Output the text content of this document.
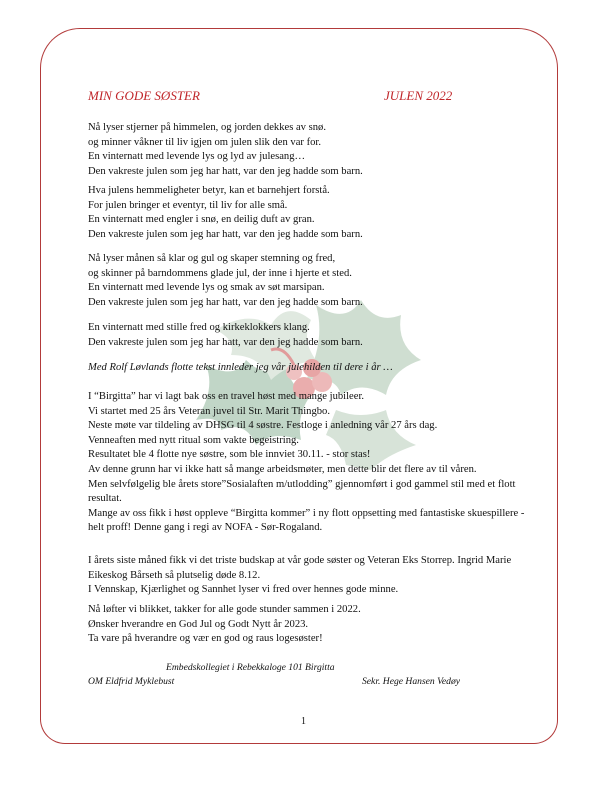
MIN GODE SØSTER	JULEN 2022

Nå lyser stjerner på himmelen, og jorden dekkes av snø.
og minner våkner til liv igjen om julen slik den var for.
En vinternatt med levende lys og lyd av julesang…
Den vakreste julen som jeg har hatt, var den jeg hadde som barn.

Hva julens hemmeligheter betyr, kan et barnehjert forstå.
For julen bringer et eventyr, til liv for alle små.
En vinternatt med engler i snø, en deilig duft av gran.
Den vakreste julen som jeg har hatt, var den jeg hadde som barn.

Nå lyser månen så klar og gul og skaper stemning og fred,
og skinner på barndommens glade jul, der inne i hjerte et sted.
En vinternatt med levende lys og smak av søt marsipan.
Den vakreste julen som jeg har hatt, var den jeg hadde som barn.

En vinternatt med stille fred og kirkeklokkers klang.
Den vakreste julen som jeg har hatt, var den jeg hadde som barn.

Med Rolf Løvlands flotte tekst innleder jeg vår julehilden til dere i år …

I “Birgitta” har vi lagt bak oss en travel høst med mange jubileer.
Vi startet med 25 års Veteran juvel til Str. Marit Thingbo.
Neste møte var tildeling av DHSG til 4 søstre. Festloge i anledning vår 27 års dag.
Venneaften med nytt ritual som vakte begeistring.
Resultatet ble 4 flotte nye søstre, som ble innviet 30.11. - stor stas!
Av denne grunn har vi ikke hatt så mange arbeidsmøter, men dette blir det flere av til våren.
Men selvfølgelig ble årets store”Sosialaften m/utlodding” gjennomført i god gammel stil med et flott resultat.
Mange av oss fikk i høst oppleve “Birgitta kommer” i ny flott oppsetting med fantastiske skuespillere - helt proff! Denne gang i regi av NOFA - Sør-Rogaland.

I årets siste måned fikk vi det triste budskap at vår gode søster og Veteran Eks Storrep. Ingrid Marie Eikeskog Bårseth så plutselig døde 8.12.
I Vennskap, Kjærlighet og Sannhet lyser vi fred over hennes gode minne.

Nå løfter vi blikket, takker for alle gode stunder sammen i 2022.
Ønsker hverandre en God Jul og Godt Nytt år 2023.
Ta vare på hverandre og vær en god og raus logesøster!

Embedskollegiet i Rebekkaloge 101 Birgitta
OM Eldfrid Myklebust	Sekr. Hege Hansen Vedøy
1
